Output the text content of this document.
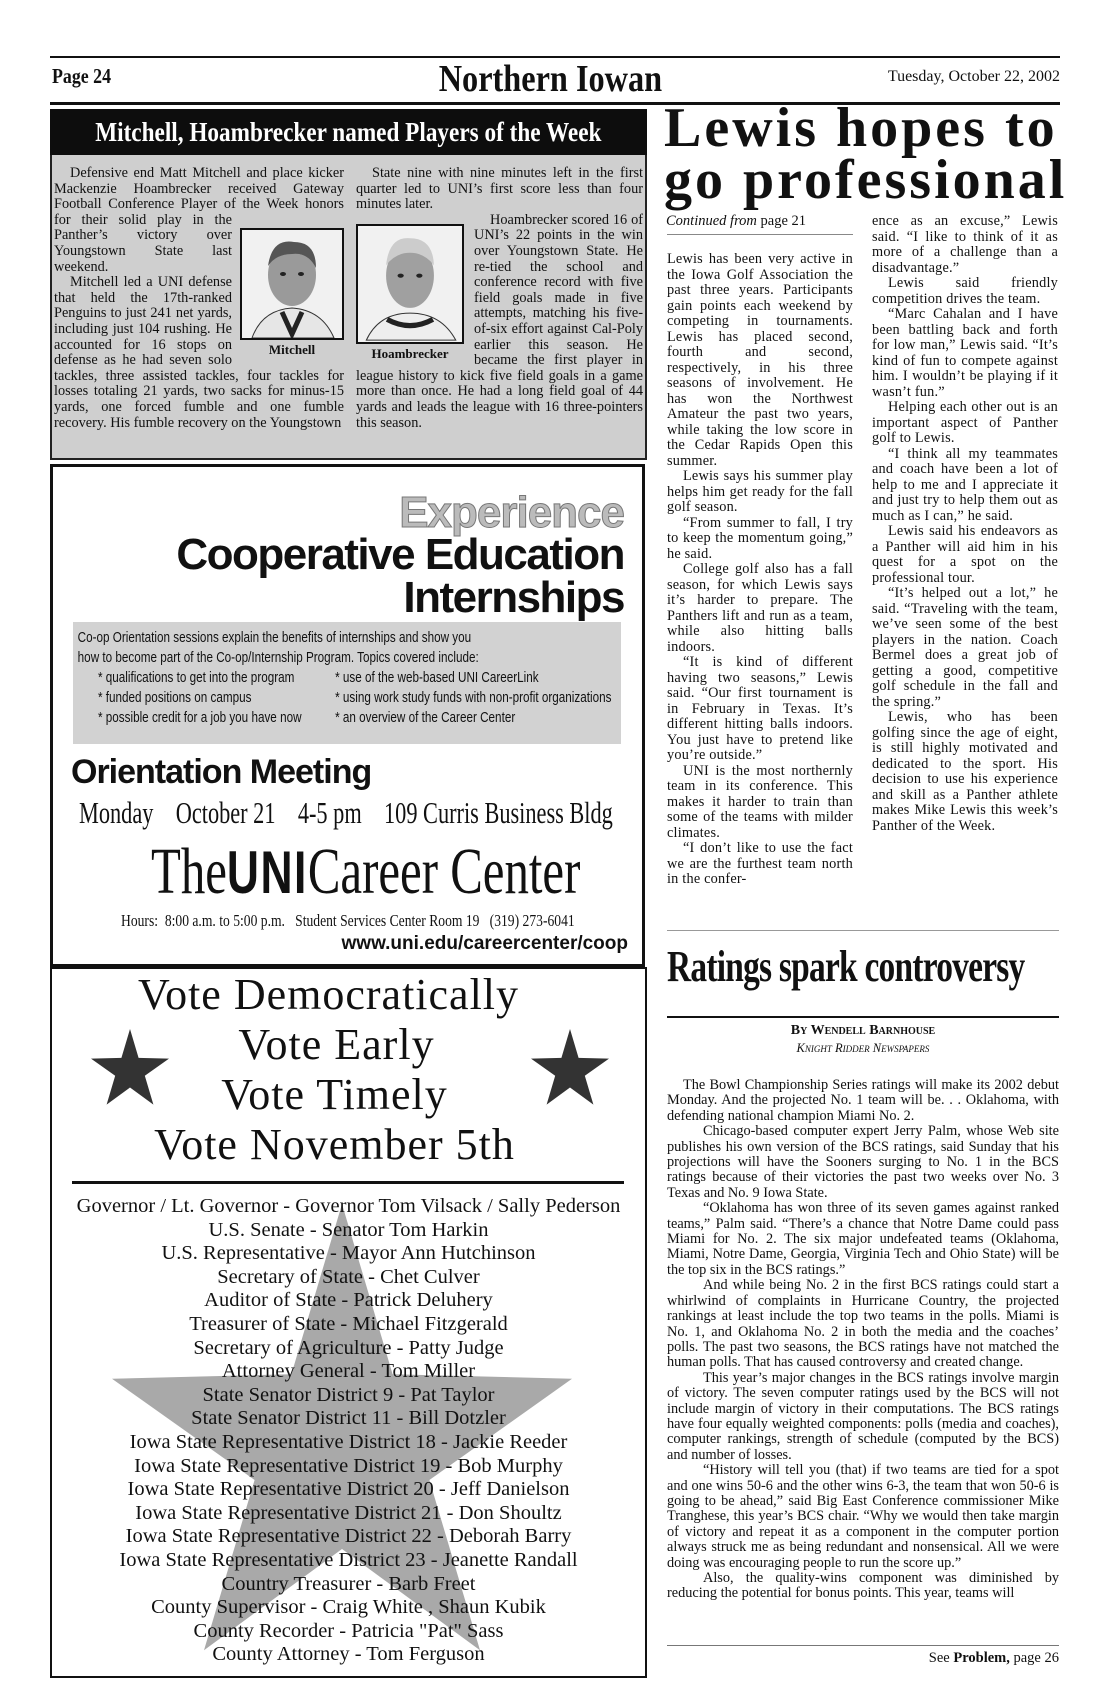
Page 24	Northern Iowan	Tuesday, October 22, 2002
Mitchell, Hoambrecker named Players of the Week
Mitchell

Defensive end Matt Mitchell and place kicker Mackenzie Hoambrecker received Gateway Football Conference Player of the Week honors for their solid play in the Panther’s victory over Youngstown State last weekend.

Mitchell led a UNI defense that held the 17th-ranked Penguins to just 241 net yards, including just 104 rushing. He accounted for 16 stops on defense as he had seven solo tackles, three assisted tackles, four tackles for losses totaling 21 yards, two sacks for minus-15 yards, one forced fumble and one fumble recovery. His fumble recovery on the Youngstown

Hoambrecker

State nine with nine minutes left in the first quarter led to UNI’s first score less than four minutes later.

Hoambrecker scored 16 of UNI’s 22 points in the win over Youngstown State. He re-tied the school and conference record with five field goals made in five attempts, matching his five-of-six effort against Cal-Poly earlier this season. He became the first player in league history to kick five field goals in a game more than once. He had a long field goal of 44 yards and leads the league with 16 three-pointers this season.

Experience
Cooperative Education
Internships
Co-op Orientation sessions explain the benefits of internships and show you
how to become part of the Co-op/Internship Program. Topics covered include:
* qualifications to get into the program	* use of the web-based UNI CareerLink
* funded positions on campus	* using work study funds with non-profit organizations
* possible credit for a job you have now * an overview of the Career Center
Orientation Meeting
Monday October 21 4-5 pm 109 Curris Business Bldg
TheUNICareer Center
Hours:  8:00 a.m. to 5:00 p.m.   Student Services Center Room 19   (319) 273-6041
www.uni.edu/careercenter/coop
Vote Democratically
Vote Early
Vote Timely
Vote November 5th
Governor / Lt. Governor - Governor Tom Vilsack / Sally Pederson
U.S. Senate - Senator Tom Harkin
U.S. Representative - Mayor Ann Hutchinson
Secretary of State - Chet Culver
Auditor of State - Patrick Deluhery
Treasurer of State - Michael Fitzgerald
Secretary of Agriculture - Patty Judge
Attorney General - Tom Miller
State Senator District 9 - Pat Taylor
State Senator District 11 - Bill Dotzler
Iowa State Representative District 18 - Jackie Reeder
Iowa State Representative District 19 - Bob Murphy
Iowa State Representative District 20 - Jeff Danielson
Iowa State Representative District 21 - Don Shoultz
Iowa State Representative District 22 - Deborah Barry
Iowa State Representative District 23 - Jeanette Randall
Country Treasurer - Barb Freet
County Supervisor - Craig White , Shaun Kubik
County Recorder - Patricia "Pat" Sass
County Attorney - Tom Ferguson
Lewis hopes to
go professional
Continued from page 21

Lewis has been very active in the Iowa Golf Association the past three years. Participants gain points each weekend by competing in tournaments. Lewis has placed second, fourth and second, respectively, in his three seasons of involvement. He has won the Northwest Amateur the past two years, while taking the low score in the Cedar Rapids Open this summer.

Lewis says his summer play helps him get ready for the fall golf season.

“From summer to fall, I try to keep the momentum going,” he said.

College golf also has a fall season, for which Lewis says it’s harder to prepare. The Panthers lift and run as a team, while also hitting balls indoors.

“It is kind of different having two seasons,” Lewis said. “Our first tournament is in February in Texas. It’s different hitting balls indoors. You just have to pretend like you’re outside.”

UNI is the most northernly team in its conference. This makes it harder to train than some of the teams with milder climates.

“I don’t like to use the fact we are the furthest team north in the confer-

ence as an excuse,” Lewis said. “I like to think of it as more of a challenge than a disadvantage.”

Lewis said friendly competition drives the team.

“Marc Cahalan and I have been battling back and forth for low man,” Lewis said. “It’s kind of fun to compete against him. I wouldn’t be playing if it wasn’t fun.”

Helping each other out is an important aspect of Panther golf to Lewis.

“I think all my teammates and coach have been a lot of help to me and I appreciate it and just try to help them out as much as I can,” he said.

Lewis said his endeavors as a Panther will aid him in his quest for a spot on the professional tour.

“It’s helped out a lot,” he said. “Traveling with the team, we’ve seen some of the best players in the nation. Coach Bermel does a great job of getting a good, competitive golf schedule in the fall and the spring.”

Lewis, who has been golfing since the age of eight, is still highly motivated and dedicated to the sport. His decision to use his experience and skill as a Panther athlete makes Mike Lewis this week’s Panther of the Week.

Ratings spark controversy
By Wendell Barnhouse
Knight Ridder Newspapers

The Bowl Championship Series ratings will make its 2002 debut Monday. And the projected No. 1 team will be. . . Oklahoma, with defending national champion Miami No. 2.

Chicago-based computer expert Jerry Palm, whose Web site publishes his own version of the BCS ratings, said Sunday that his projections will have the Sooners surging to No. 1 in the BCS ratings because of their victories the past two weeks over No. 3 Texas and No. 9 Iowa State.

“Oklahoma has won three of its seven games against ranked teams,” Palm said. “There’s a chance that Notre Dame could pass Miami for No. 2. The six major undefeated teams (Oklahoma, Miami, Notre Dame, Georgia, Virginia Tech and Ohio State) will be the top six in the BCS ratings.”

And while being No. 2 in the first BCS ratings could start a whirlwind of complaints in Hurricane Country, the projected rankings at least include the top two teams in the polls. Miami is No. 1, and Oklahoma No. 2 in both the media and the coaches’ polls. The past two seasons, the BCS ratings have not matched the human polls. That has caused controversy and created change.

This year’s major changes in the BCS ratings involve margin of victory. The seven computer ratings used by the BCS will not include margin of victory in their computations. The BCS ratings have four equally weighted components: polls (media and coaches), computer rankings, strength of schedule (computed by the BCS) and number of losses.

“History will tell you (that) if two teams are tied for a spot and one wins 50-6 and the other wins 6-3, the team that won 50-6 is going to be ahead,” said Big East Conference commissioner Mike Tranghese, this year’s BCS chair. “Why we would then take margin of victory and repeat it as a component in the computer portion always struck me as being redundant and nonsensical. All we were doing was encouraging people to run the score up.”

Also, the quality-wins component was diminished by reducing the potential for bonus points. This year, teams will

See Problem, page 26
